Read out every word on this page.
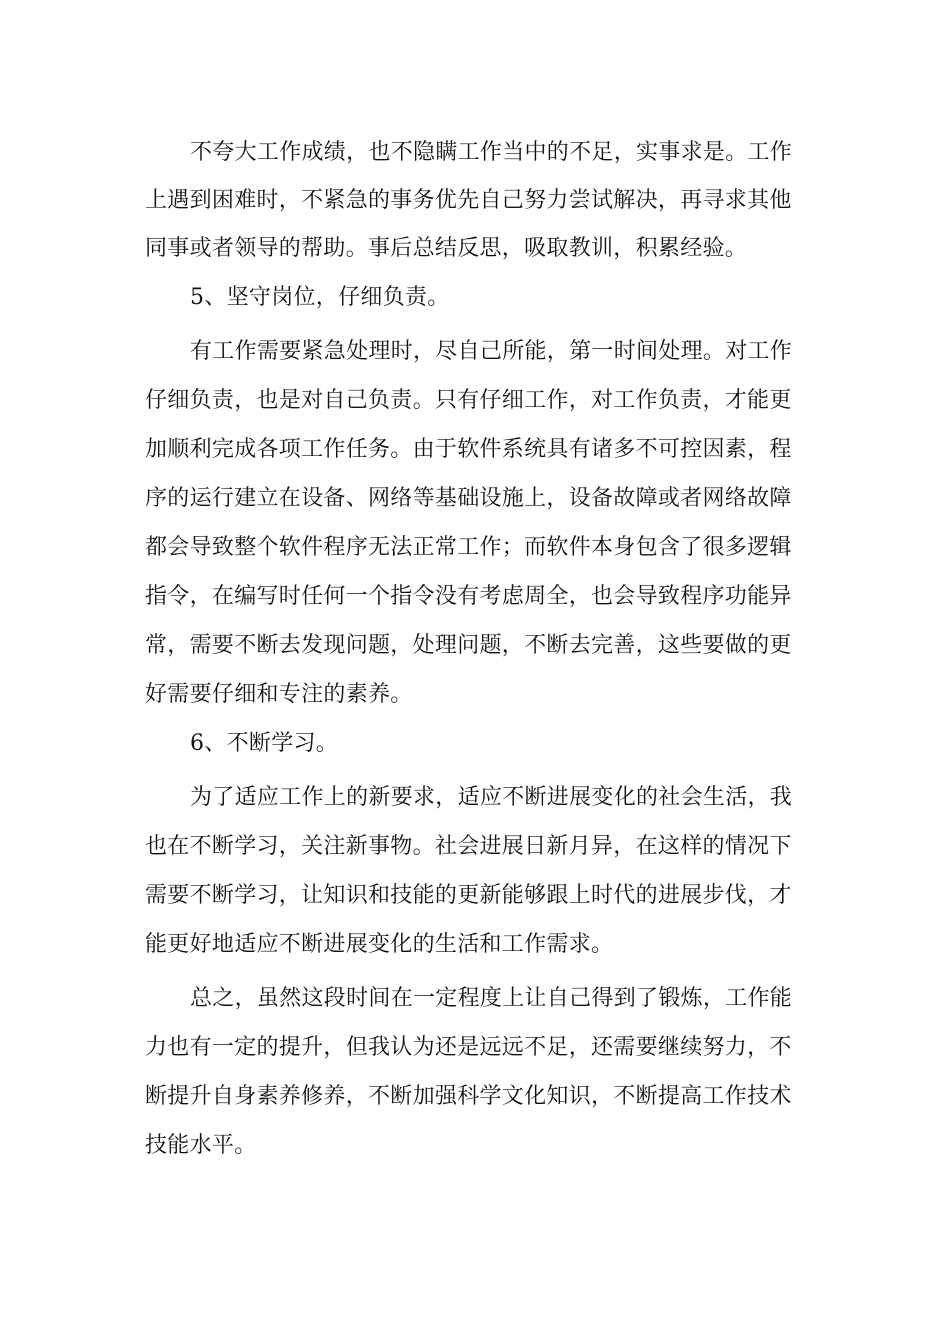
不夸大工作成绩，也不隐瞒工作当中的不足，实事求是。工作
上遇到困难时，不紧急的事务优先自己努力尝试解决，再寻求其他
同事或者领导的帮助。事后总结反思，吸取教训，积累经验。
5、坚守岗位，仔细负责。
有工作需要紧急处理时，尽自己所能，第一时间处理。对工作
仔细负责，也是对自己负责。只有仔细工作，对工作负责，才能更
加顺利完成各项工作任务。由于软件系统具有诸多不可控因素，程
序的运行建立在设备、网络等基础设施上，设备故障或者网络故障
都会导致整个软件程序无法正常工作；而软件本身包含了很多逻辑
指令，在编写时任何一个指令没有考虑周全，也会导致程序功能异
常，需要不断去发现问题，处理问题，不断去完善，这些要做的更
好需要仔细和专注的素养。
6、不断学习。
为了适应工作上的新要求，适应不断进展变化的社会生活，我
也在不断学习，关注新事物。社会进展日新月异，在这样的情况下
需要不断学习，让知识和技能的更新能够跟上时代的进展步伐，才
能更好地适应不断进展变化的生活和工作需求。
总之，虽然这段时间在一定程度上让自己得到了锻炼，工作能
力也有一定的提升，但我认为还是远远不足，还需要继续努力，不
断提升自身素养修养，不断加强科学文化知识，不断提高工作技术
技能水平。
